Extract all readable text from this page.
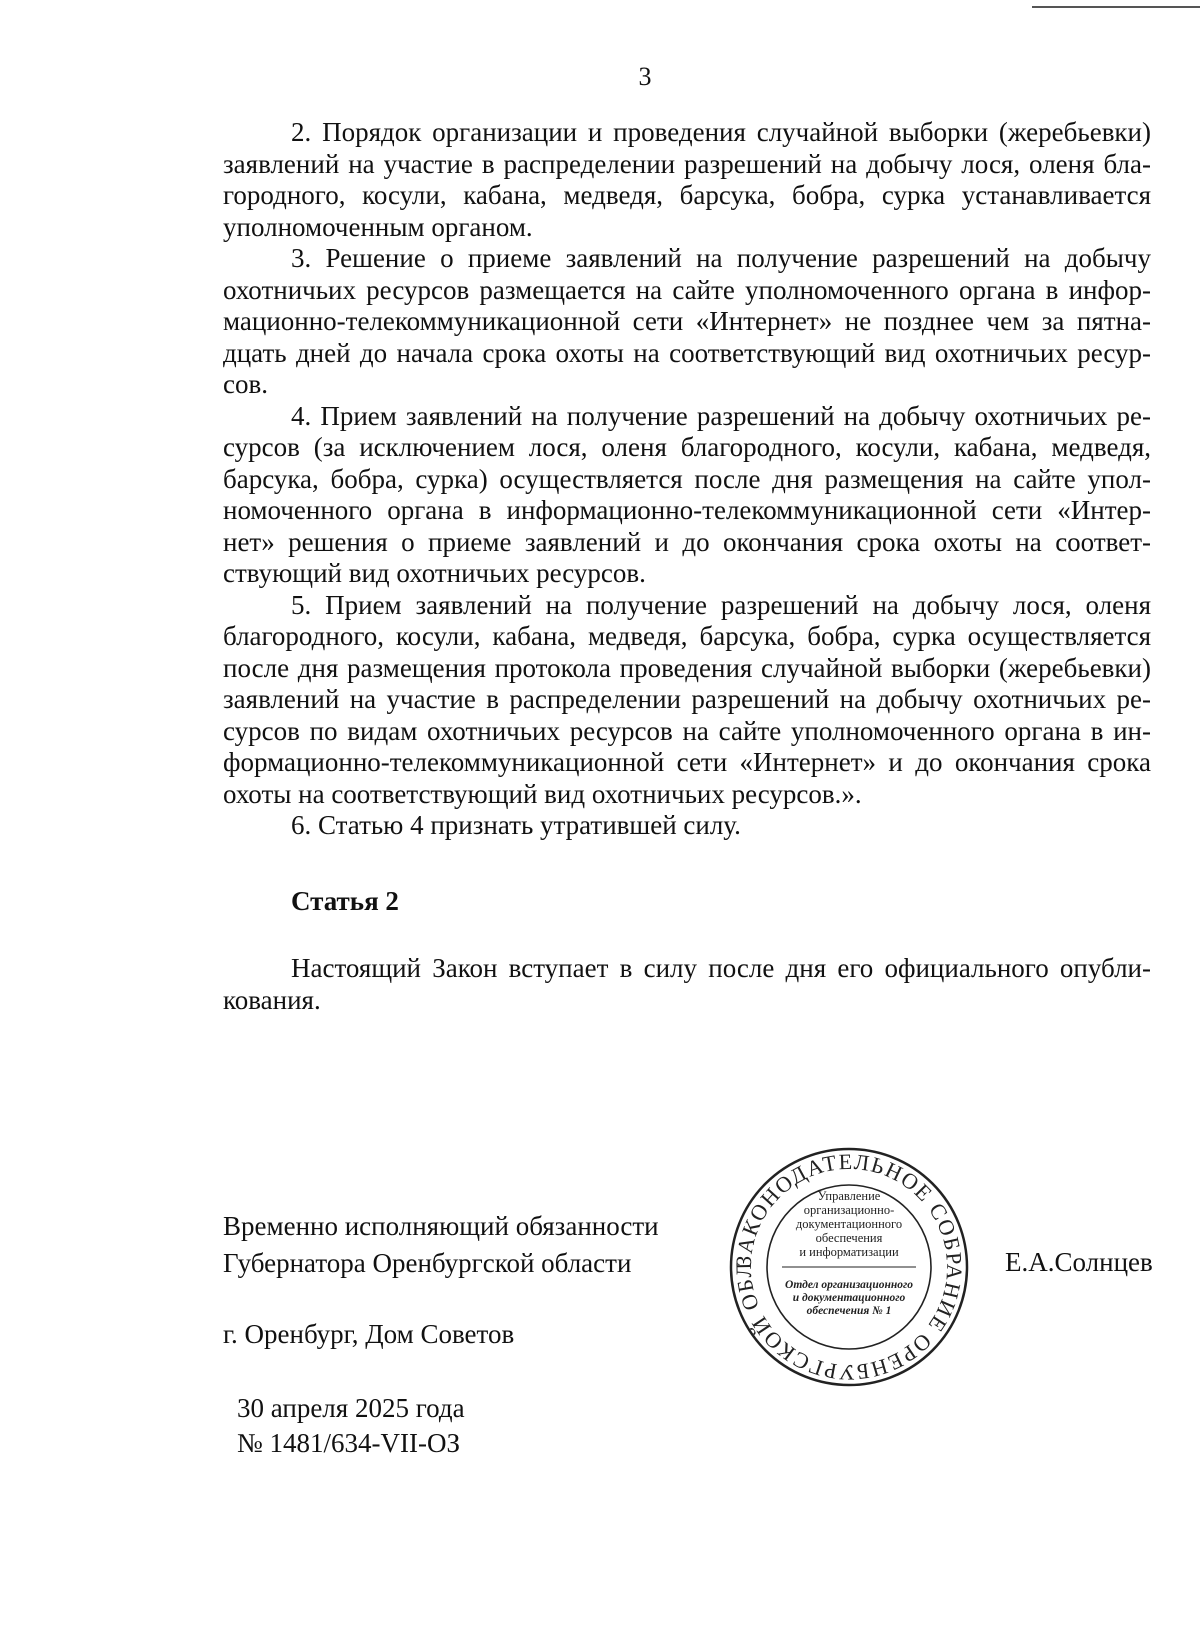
3

2. Порядок организации и проведения случайной выборки (жеребьевки) заявлений на участие в распределении разрешений на добычу лося, оленя благородного, косули, кабана, медведя, барсука, бобра, сурка устанавливается уполномоченным органом.

3. Решение о приеме заявлений на получение разрешений на добычу охотничьих ресурсов размещается на сайте уполномоченного органа в информационно-телекоммуникационной сети «Интернет» не позднее чем за пятнадцать дней до начала срока охоты на соответствующий вид охотничьих ресурсов.

4. Прием заявлений на получение разрешений на добычу охотничьих ресурсов (за исключением лося, оленя благородного, косули, кабана, медведя, барсука, бобра, сурка) осуществляется после дня размещения на сайте уполномоченного органа в информационно-телекоммуникационной сети «Интернет» решения о приеме заявлений и до окончания срока охоты на соответствующий вид охотничьих ресурсов.

5. Прием заявлений на получение разрешений на добычу лося, оленя благородного, косули, кабана, медведя, барсука, бобра, сурка осуществляется после дня размещения протокола проведения случайной выборки (жеребьевки) заявлений на участие в распределении разрешений на добычу охотничьих ресурсов по видам охотничьих ресурсов на сайте уполномоченного органа в информационно-телекоммуникационной сети «Интернет» и до окончания срока охоты на соответствующий вид охотничьих ресурсов.».

6. Статью 4 признать утратившей силу.

Статья 2

Настоящий Закон вступает в силу после дня его официального опубликования.

Временно исполняющий обязанности
Губернатора Оренбургской области
г. Оренбург, Дом Советов
30 апреля 2025 года
№ 1481/634-VII-ОЗ
Е.А.Солнцев
ЗАКОНОДАТЕЛЬНОЕ СОБРАНИЕ ОРЕНБУРГСКОЙ ОБЛ
Управление
организационно-
документационного
обеспечения
и информатизации
Отдел организационного
и документационного
обеспечения № 1
